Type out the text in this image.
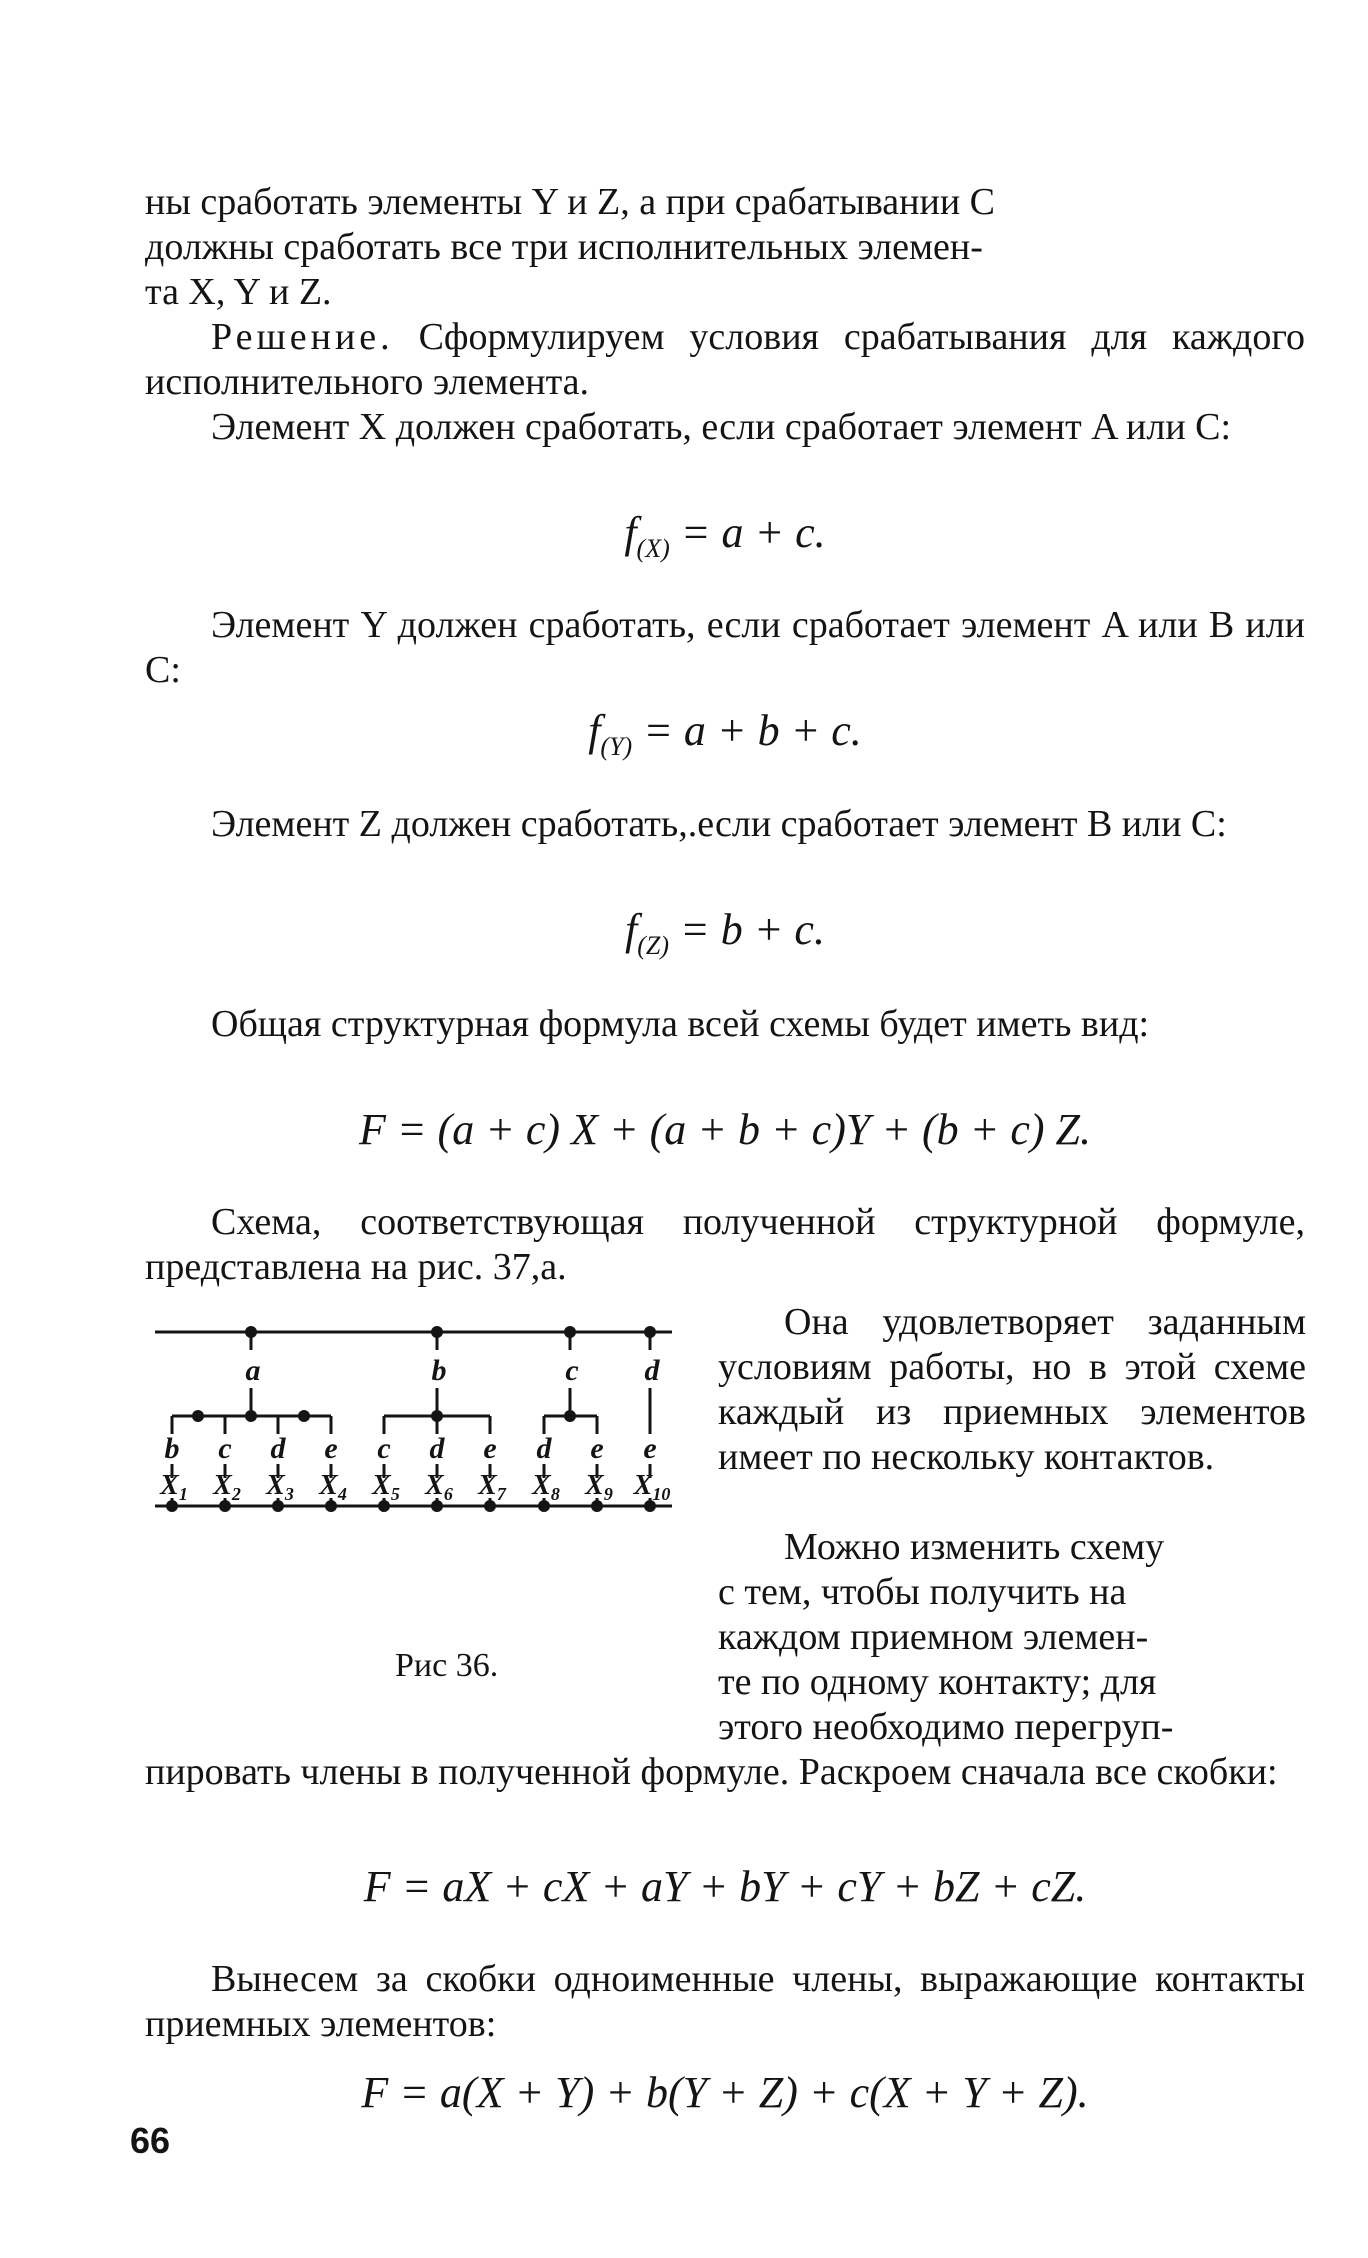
ны сработать элементы Y и Z, а при срабатывании С
должны сработать все три исполнительных элемен-
та X, Y и Z.
Решение. Сформулируем условия срабатывания для каждого исполнительного элемента.
Элемент X должен сработать, если сработает элемент A или C:
$f_{(X)} = a + c$.
Элемент Y должен сработать, если сработает элемент A или B или C:
$f_{(Y)} = a + b + c$.
Элемент Z должен сработать,.если сработает элемент B или C:
$f_{(Z)} = b + c$.
Общая структурная формула всей схемы будет иметь вид:
F = (a + c) X + (a + b + c)Y + (b + c) Z.
Схема, соответствующая полученной структурной формуле, представлена на рис. 37,а.
a	b	c d
b
$X_1$
c
$X_2$
d
$X_3$
e
$X_4$
c
$X_5$
d
$X_6$
e
$X_7$
d
$X_8$
e
$X_9$
e
$X_{10}$
Рис 36.
Она удовлетворяет заданным условиям работы, но в этой схеме каждый из приемных элементов имеет по нескольку контактов.
Можно изменить схему
с тем, чтобы получить на
каждом приемном элемен-
те по одному контакту; для
этого необходимо перегруп-
пировать члены в полученной формуле. Раскроем сначала все скобки:
F = aX + cX + aY + bY + cY + bZ + cZ.
Вынесем за скобки одноименные члены, выражающие контакты приемных элементов:
F = a(X + Y) + b(Y + Z) + c(X + Y + Z).
66
